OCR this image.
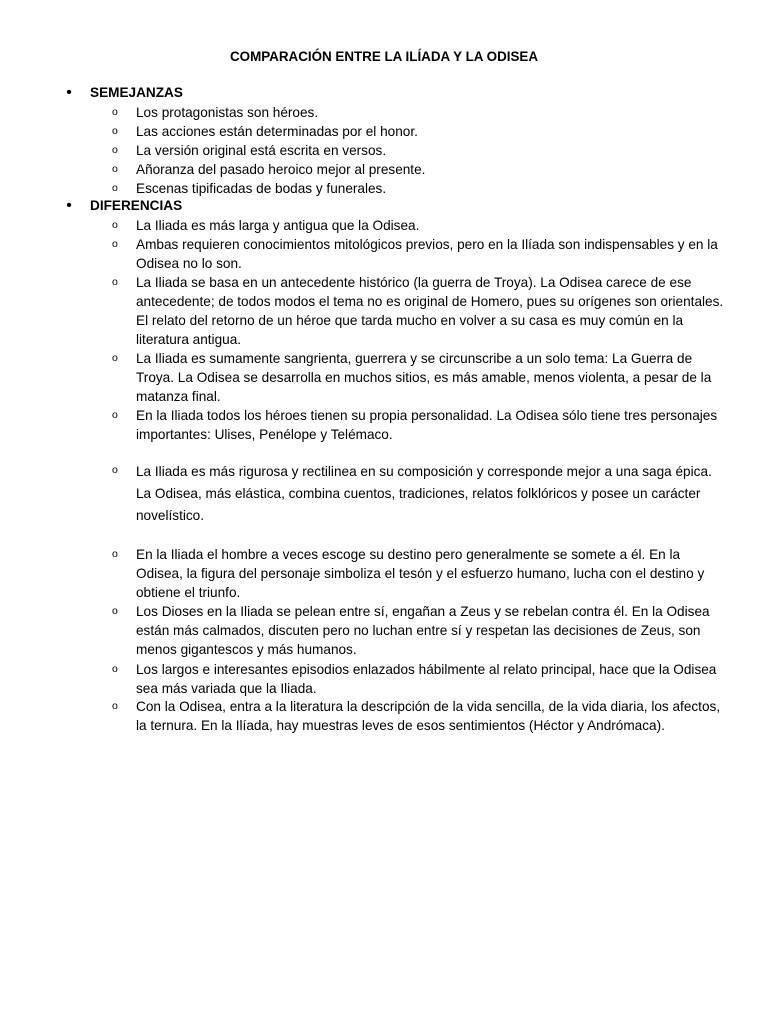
COMPARACIÓN ENTRE LA ILÍADA Y LA ODISEA
• SEMEJANZAS
o Los protagonistas son héroes.
o Las acciones están determinadas por el honor.
o La versión original está escrita en versos.
o Añoranza del pasado heroico mejor al presente.
o Escenas tipificadas de bodas y funerales.
• DIFERENCIAS
o La Iliada es más larga y antigua que la Odisea.
o Ambas requieren conocimientos mitológicos previos, pero en la Ilíada son indispensables y en la Odisea no lo son.
o La Iliada se basa en un antecedente histórico (la guerra de Troya). La Odisea carece de ese antecedente; de todos modos el tema no es original de Homero, pues su orígenes son orientales. El relato del retorno de un héroe que tarda mucho en volver a su casa es muy común en la literatura antigua.
o La Iliada es sumamente sangrienta, guerrera y se circunscribe a un solo tema: La Guerra de Troya. La Odisea se desarrolla en muchos sitios, es más amable, menos violenta, a pesar de la matanza final.
o En la Iliada todos los héroes tienen su propia personalidad. La Odisea sólo tiene tres personajes importantes: Ulises, Penélope y Telémaco.
o La Iliada es más rigurosa y rectilinea en su composición y corresponde mejor a una saga épica. La Odisea, más elástica, combina cuentos, tradiciones, relatos folklóricos y posee un carácter novelístico.
o En la Iliada el hombre a veces escoge su destino pero generalmente se somete a él. En la Odisea, la figura del personaje simboliza el tesón y el esfuerzo humano, lucha con el destino y obtiene el triunfo.
o Los Dioses en la Iliada se pelean entre sí, engañan a Zeus y se rebelan contra él. En la Odisea están más calmados, discuten pero no luchan entre sí y respetan las decisiones de Zeus, son menos gigantescos y más humanos.
o Los largos e interesantes episodios enlazados hábilmente al relato principal, hace que la Odisea sea más variada que la Iliada.
o Con la Odisea, entra a la literatura la descripción de la vida sencilla, de la vida diaria, los afectos, la ternura. En la Ilíada, hay muestras leves de esos sentimientos (Héctor y Andrómaca).
